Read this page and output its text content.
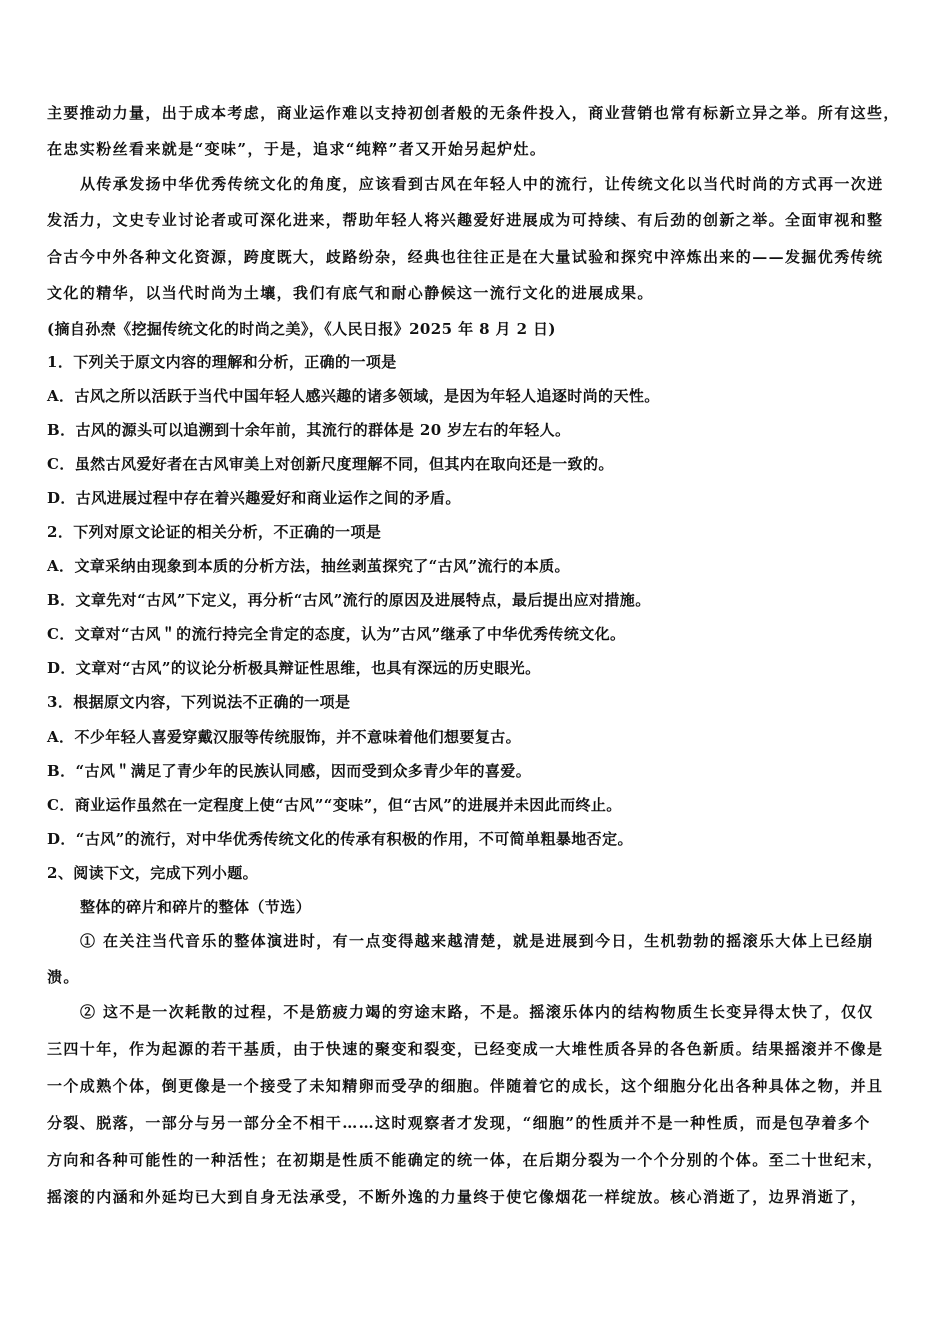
主要推动力量，出于成本考虑，商业运作难以支持初创者般的无条件投入，商业营销也常有标新立异之举。所有这些，
在忠实粉丝看来就是“变味”，于是，追求“纯粹”者又开始另起炉灶。
从传承发扬中华优秀传统文化的角度，应该看到古风在年轻人中的流行，让传统文化以当代时尚的方式再一次迸
发活力，文史专业讨论者或可深化进来，帮助年轻人将兴趣爱好进展成为可持续、有后劲的创新之举。全面审视和整
合古今中外各种文化资源，跨度既大，歧路纷杂，经典也往往正是在大量试验和探究中淬炼出来的——发掘优秀传统
文化的精华，以当代时尚为土壤，我们有底气和耐心静候这一流行文化的进展成果。
(摘自孙焘《挖掘传统文化的时尚之美》，《人民日报》2025 年 8 月 2 日)
1．下列关于原文内容的理解和分析，正确的一项是
A．古风之所以活跃于当代中国年轻人感兴趣的诸多领域，是因为年轻人追逐时尚的天性。
B．古风的源头可以追溯到十余年前，其流行的群体是 20 岁左右的年轻人。
C．虽然古风爱好者在古风审美上对创新尺度理解不同，但其内在取向还是一致的。
D．古风进展过程中存在着兴趣爱好和商业运作之间的矛盾。
2．下列对原文论证的相关分析，不正确的一项是
A．文章采纳由现象到本质的分析方法，抽丝剥茧探究了“古风”流行的本质。
B．文章先对“古风”下定义，再分析“古风”流行的原因及进展特点，最后提出应对措施。
C．文章对“古风＂的流行持完全肯定的态度，认为”古风”继承了中华优秀传统文化。
D．文章对“古风”的议论分析极具辩证性思维，也具有深远的历史眼光。
3．根据原文内容，下列说法不正确的一项是
A．不少年轻人喜爱穿戴汉服等传统服饰，并不意味着他们想要复古。
B．“古风＂满足了青少年的民族认同感，因而受到众多青少年的喜爱。
C．商业运作虽然在一定程度上使“古风”“变味”，但“古风”的进展并未因此而终止。
D．“古风”的流行，对中华优秀传统文化的传承有积极的作用，不可简单粗暴地否定。
2、阅读下文，完成下列小题。
整体的碎片和碎片的整体（节选）
① 在关注当代音乐的整体演进时，有一点变得越来越清楚，就是进展到今日，生机勃勃的摇滚乐大体上已经崩
溃。
② 这不是一次耗散的过程，不是筋疲力竭的穷途末路，不是。摇滚乐体内的结构物质生长变异得太快了，仅仅
三四十年，作为起源的若干基质，由于快速的聚变和裂变，已经变成一大堆性质各异的各色新质。结果摇滚并不像是
一个成熟个体，倒更像是一个接受了未知精卵而受孕的细胞。伴随着它的成长，这个细胞分化出各种具体之物，并且
分裂、脱落，一部分与另一部分全不相干……这时观察者才发现，“细胞”的性质并不是一种性质，而是包孕着多个
方向和各种可能性的一种活性；在初期是性质不能确定的统一体，在后期分裂为一个个分别的个体。至二十世纪末，
摇滚的内涵和外延均已大到自身无法承受，不断外逸的力量终于使它像烟花一样绽放。核心消逝了，边界消逝了，
